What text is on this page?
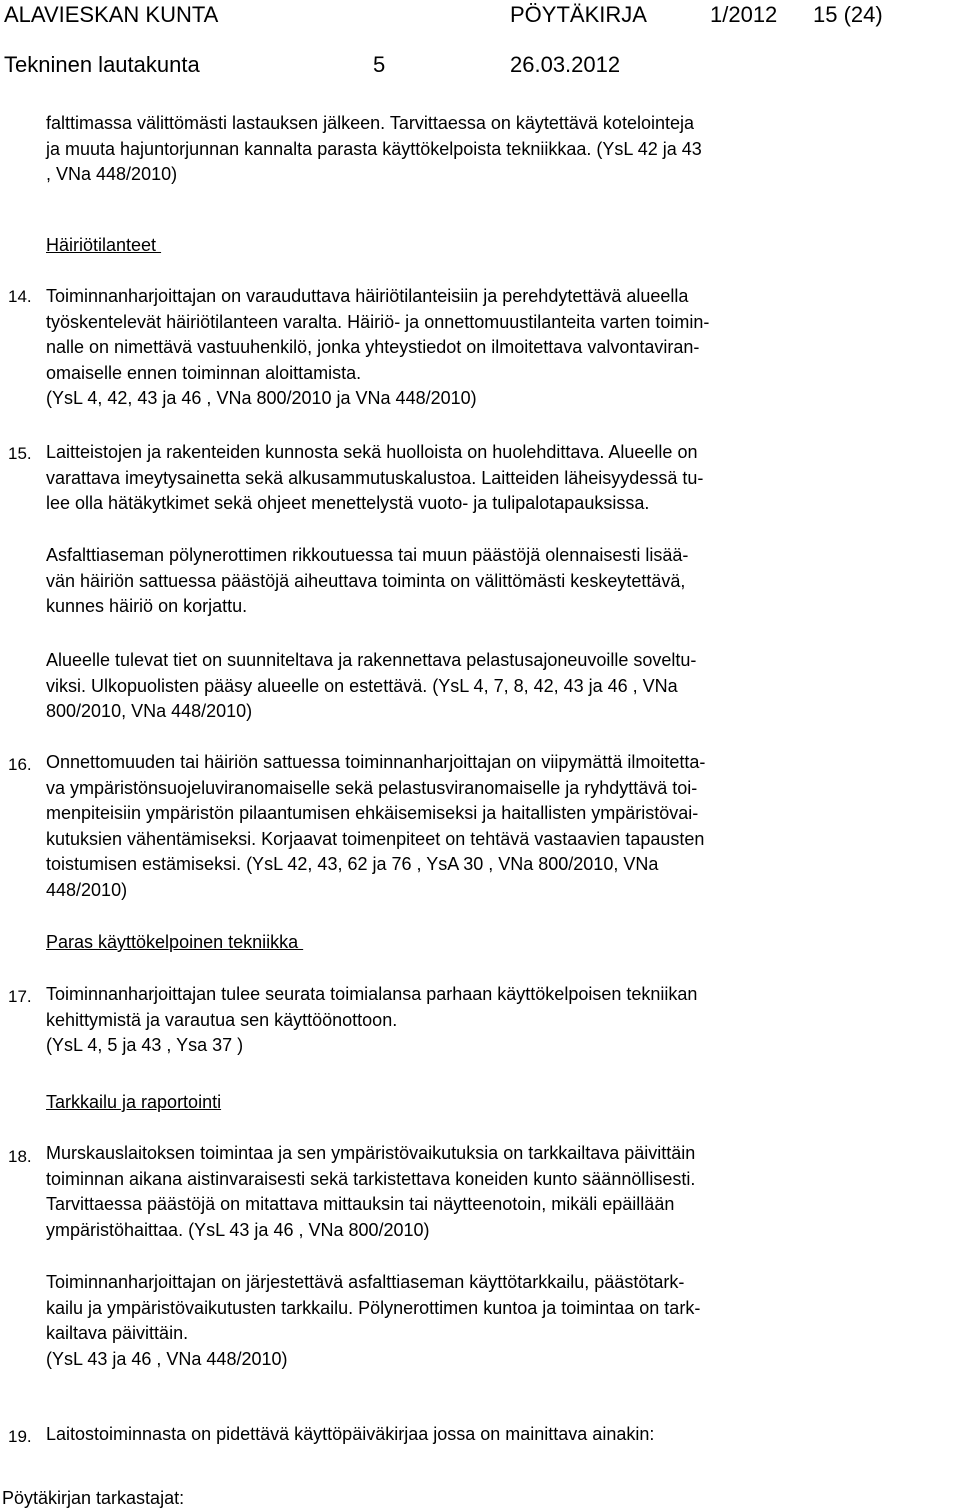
ALAVIESKAN KUNTA	PÖYTÄKIRJA	1/2012 15 (24)
Tekninen lautakunta	5	26.03.2012
falttimassa välittömästi lastauksen jälkeen. Tarvittaessa on käytettävä kotelointeja
ja muuta hajuntorjunnan kannalta parasta käyttökelpoista tekniikkaa. (YsL 42 ja 43
, VNa 448/2010)
Häiriötilanteet
14. Toiminnanharjoittajan on varauduttava häiriötilanteisiin ja perehdytettävä alueella
työskentelevät häiriötilanteen varalta. Häiriö- ja onnettomuustilanteita varten toimin-
nalle on nimettävä vastuuhenkilö, jonka yhteystiedot on ilmoitettava valvontaviran-
omaiselle ennen toiminnan aloittamista.
(YsL 4, 42, 43 ja 46 , VNa 800/2010 ja VNa 448/2010)
15. Laitteistojen ja rakenteiden kunnosta sekä huolloista on huolehdittava. Alueelle on
varattava imeytysainetta sekä alkusammutuskalustoa. Laitteiden läheisyydessä tu-
lee olla hätäkytkimet sekä ohjeet menettelystä vuoto- ja tulipalotapauksissa.
Asfalttiaseman pölynerottimen rikkoutuessa tai muun päästöjä olennaisesti lisää-
vän häiriön sattuessa päästöjä aiheuttava toiminta on välittömästi keskeytettävä,
kunnes häiriö on korjattu.
Alueelle tulevat tiet on suunniteltava ja rakennettava pelastusajoneuvoille soveltu-
viksi. Ulkopuolisten pääsy alueelle on estettävä. (YsL 4, 7, 8, 42, 43 ja 46 , VNa
800/2010, VNa 448/2010)
16. Onnettomuuden tai häiriön sattuessa toiminnanharjoittajan on viipymättä ilmoitetta-
va ympäristönsuojeluviranomaiselle sekä pelastusviranomaiselle ja ryhdyttävä toi-
menpiteisiin ympäristön pilaantumisen ehkäisemiseksi ja haitallisten ympäristövai-
kutuksien vähentämiseksi. Korjaavat toimenpiteet on tehtävä vastaavien tapausten
toistumisen estämiseksi. (YsL 42, 43, 62 ja 76 , YsA 30 , VNa 800/2010, VNa
448/2010)
Paras käyttökelpoinen tekniikka
17. Toiminnanharjoittajan tulee seurata toimialansa parhaan käyttökelpoisen tekniikan
kehittymistä ja varautua sen käyttöönottoon.
(YsL 4, 5 ja 43 , Ysa 37 )
Tarkkailu ja raportointi
18. Murskauslaitoksen toimintaa ja sen ympäristövaikutuksia on tarkkailtava päivittäin
toiminnan aikana aistinvaraisesti sekä tarkistettava koneiden kunto säännöllisesti.
Tarvittaessa päästöjä on mitattava mittauksin tai näytteenotoin, mikäli epäillään
ympäristöhaittaa. (YsL 43 ja 46 , VNa 800/2010)
Toiminnanharjoittajan on järjestettävä asfalttiaseman käyttötarkkailu, päästötark-
kailu ja ympäristövaikutusten tarkkailu. Pölynerottimen kuntoa ja toimintaa on tark-
kailtava päivittäin.
(YsL 43 ja 46 , VNa 448/2010)
19. Laitostoiminnasta on pidettävä käyttöpäiväkirjaa jossa on mainittava ainakin:
Pöytäkirjan tarkastajat:
